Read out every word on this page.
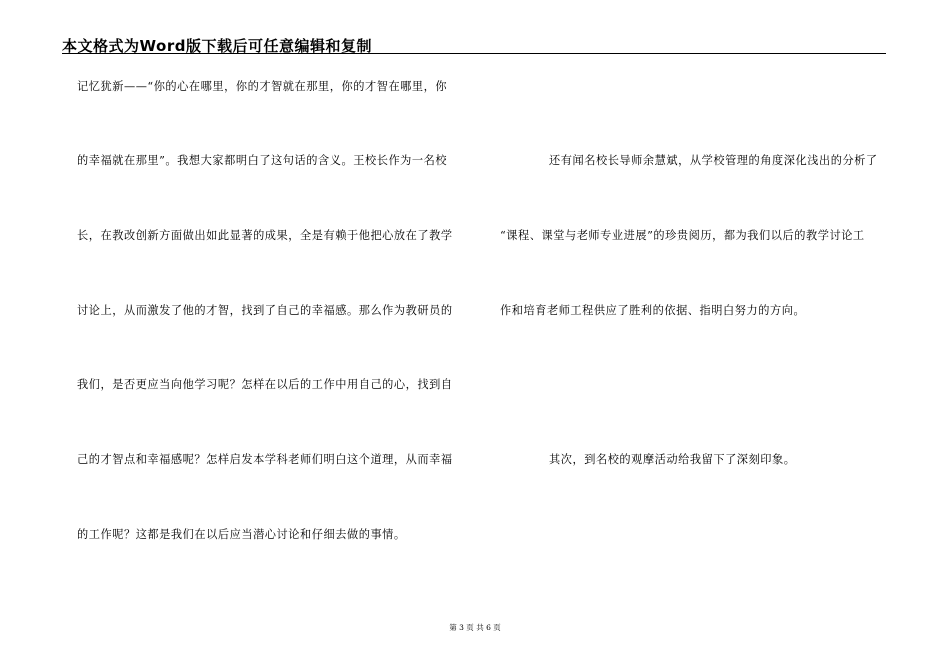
本文格式为Word版下载后可任意编辑和复制
记忆犹新——“你的心在哪里，你的才智就在那里，你的才智在哪里，你
的幸福就在那里”。我想大家都明白了这句话的含义。王校长作为一名校
长，在教改创新方面做出如此显著的成果，全是有赖于他把心放在了教学
讨论上，从而激发了他的才智，找到了自己的幸福感。那么作为教研员的
我们，是否更应当向他学习呢？怎样在以后的工作中用自己的心，找到自
己的才智点和幸福感呢？怎样启发本学科老师们明白这个道理，从而幸福
的工作呢？这都是我们在以后应当潜心讨论和仔细去做的事情。
还有闻名校长导师余慧斌，从学校管理的角度深化浅出的分析了
“课程、课堂与老师专业进展”的珍贵阅历，都为我们以后的教学讨论工
作和培育老师工程供应了胜利的依据、指明白努力的方向。
其次，到名校的观摩活动给我留下了深刻印象。
第 3 页 共 6 页
